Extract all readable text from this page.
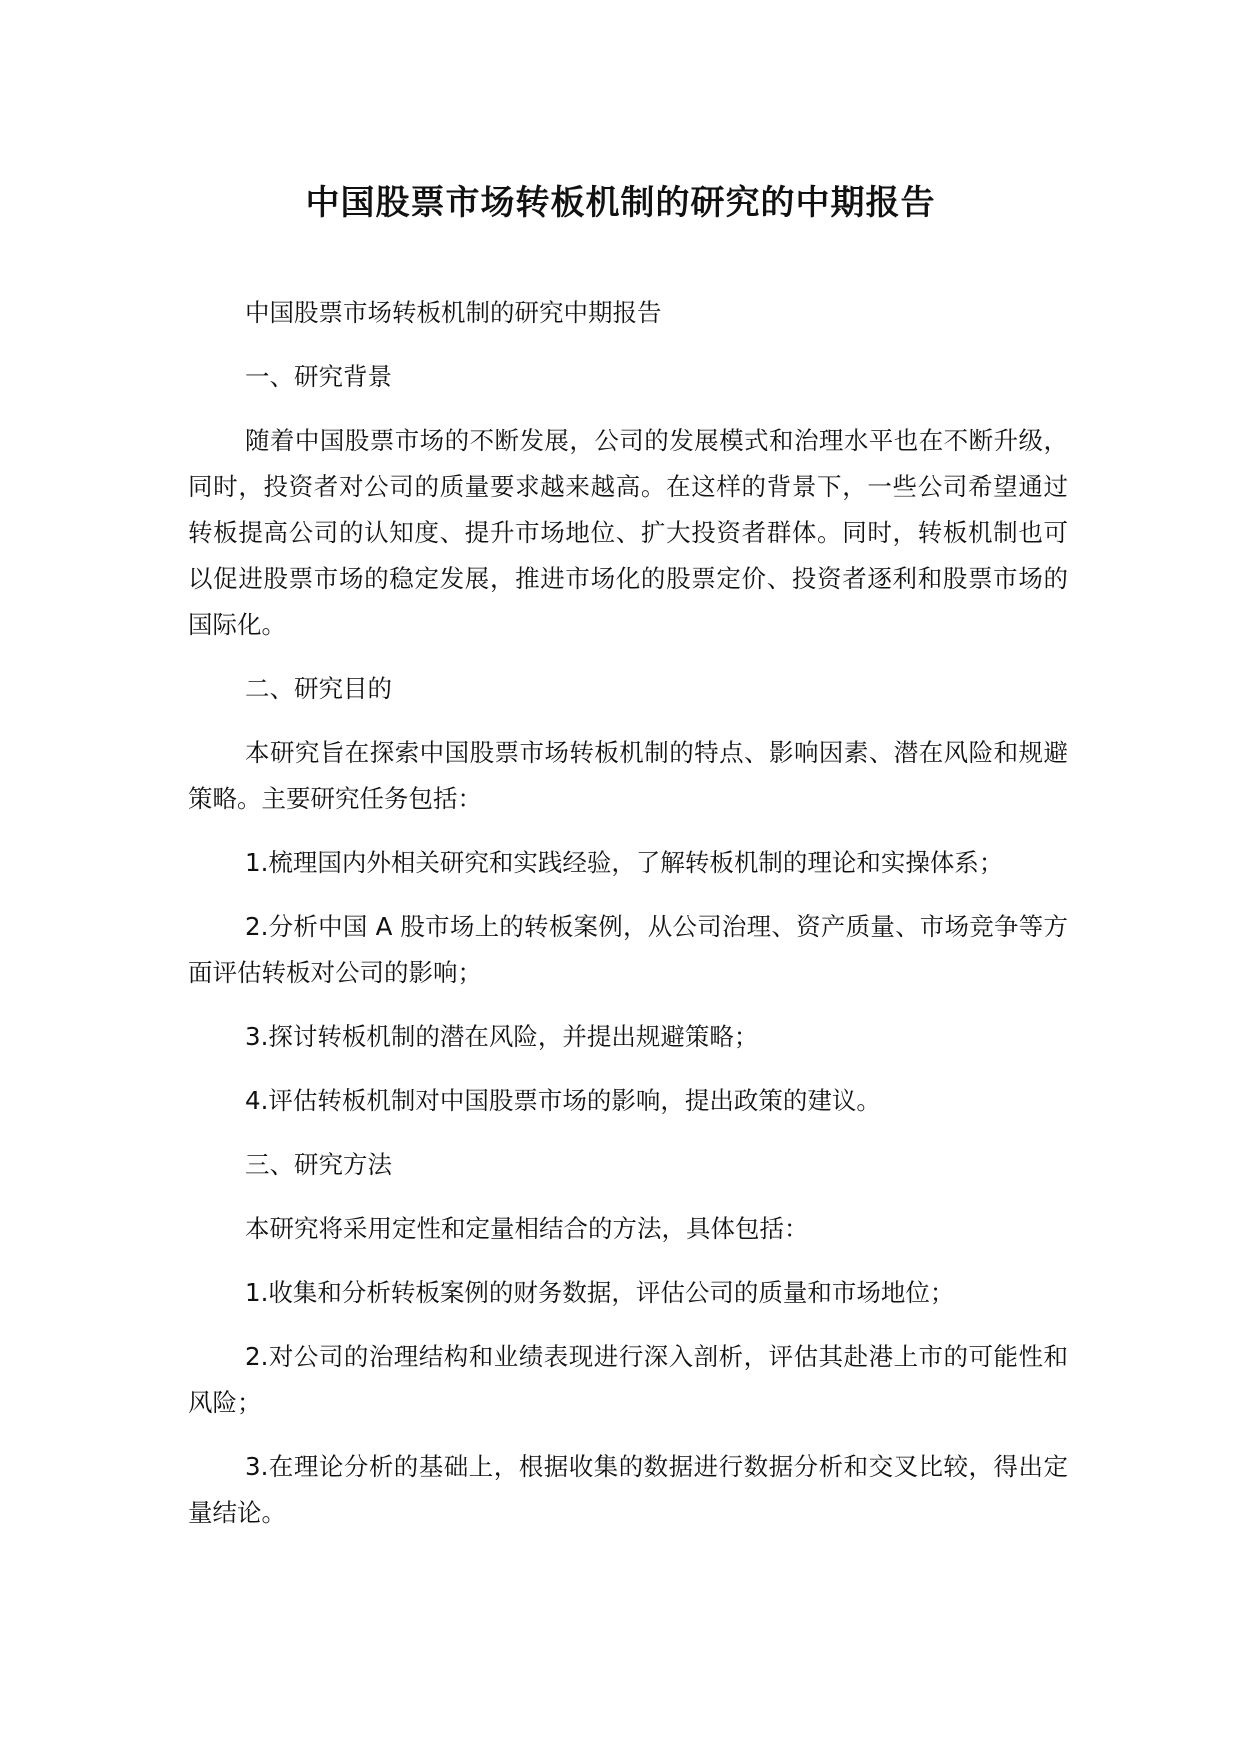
中国股票市场转板机制的研究的中期报告

中国股票市场转板机制的研究中期报告

一、研究背景

随着中国股票市场的不断发展，公司的发展模式和治理水平也在不断升级，同时，投资者对公司的质量要求越来越高。在这样的背景下，一些公司希望通过转板提高公司的认知度、提升市场地位、扩大投资者群体。同时，转板机制也可以促进股票市场的稳定发展，推进市场化的股票定价、投资者逐利和股票市场的国际化。

二、研究目的

本研究旨在探索中国股票市场转板机制的特点、影响因素、潜在风险和规避策略。主要研究任务包括：

1.梳理国内外相关研究和实践经验，了解转板机制的理论和实操体系；

2.分析中国 A 股市场上的转板案例，从公司治理、资产质量、市场竞争等方面评估转板对公司的影响；

3.探讨转板机制的潜在风险，并提出规避策略；

4.评估转板机制对中国股票市场的影响，提出政策的建议。

三、研究方法

本研究将采用定性和定量相结合的方法，具体包括：

1.收集和分析转板案例的财务数据，评估公司的质量和市场地位；

2.对公司的治理结构和业绩表现进行深入剖析，评估其赴港上市的可能性和风险；

3.在理论分析的基础上，根据收集的数据进行数据分析和交叉比较，得出定量结论。
